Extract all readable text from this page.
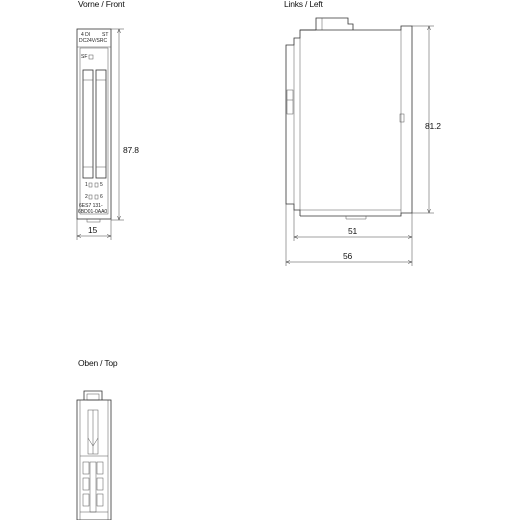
Vorne / Front	Links / Left
Oben / Top
4 DI ST
DC24V/SRC
SF
1 5
2 6
6ES7 131-
6BD01-0AA0
87.8
15
81.2
51
56
